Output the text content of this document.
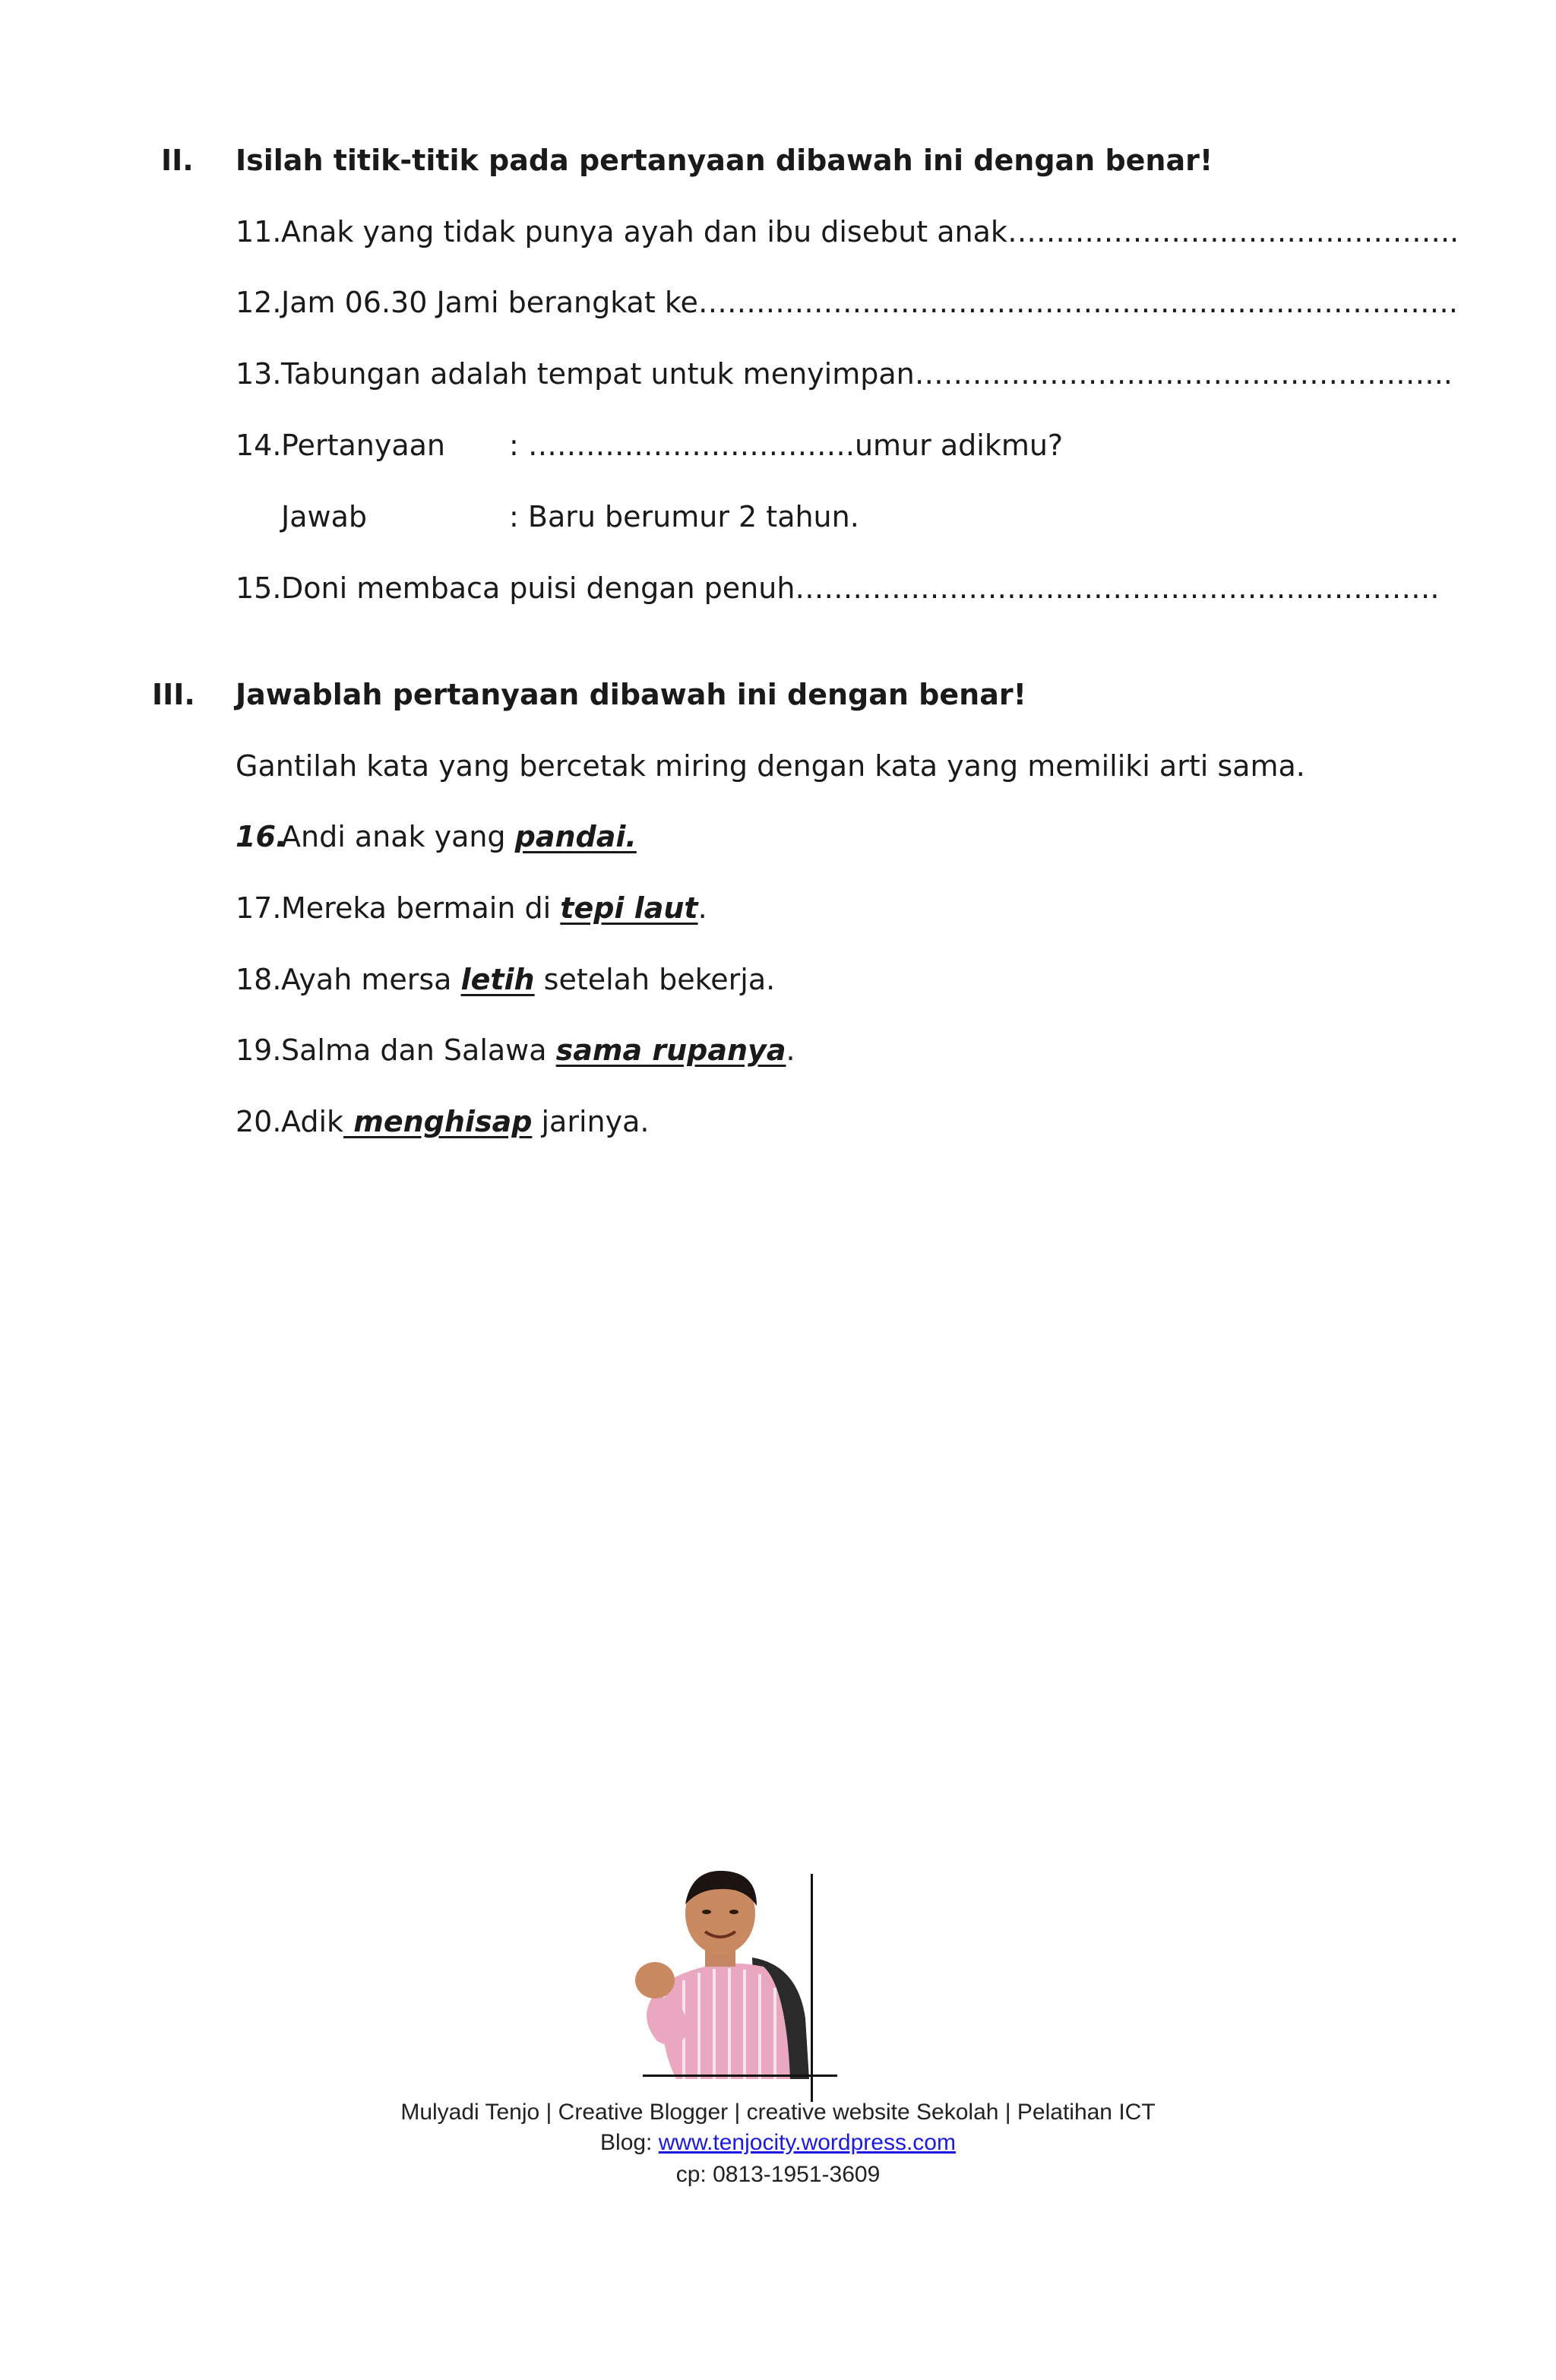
II. Isilah titik-titik pada pertanyaan dibawah ini dengan benar!
11. Anak yang tidak punya ayah dan ibu disebut anak………………………………………..
12. Jam 06.30 Jami berangkat ke…………………………………………………………………….
13. Tabungan adalah tempat untuk menyimpan………………………………………………..
14. Pertanyaan : …………………………….umur adikmu?
Jawab	: Baru berumur 2 tahun.
15. Doni membaca puisi dengan penuh………………………………………………………….
III. Jawablah pertanyaan dibawah ini dengan benar!
Gantilah kata yang bercetak miring dengan kata yang memiliki arti sama.
16.
Andi anak yang pandai.
17. Mereka bermain di tepi laut.
18. Ayah mersa letih setelah bekerja.
19. Salma dan Salawa sama rupanya.
20. Adik menghisap jarinya.
Mulyadi Tenjo | Creative Blogger | creative website Sekolah | Pelatihan ICT
Blog: www.tenjocity.wordpress.com
cp: 0813-1951-3609
